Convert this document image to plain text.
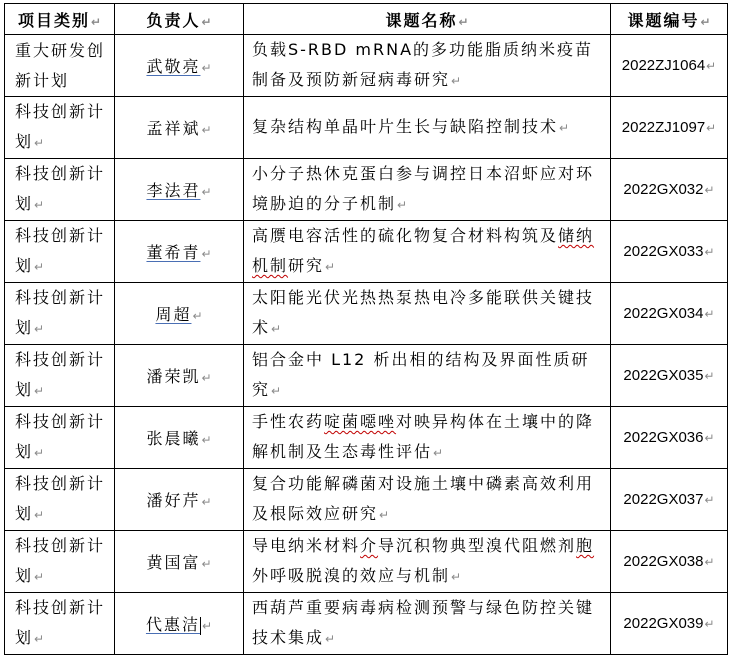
项目类别↵	负责人↵	课题名称↵	课题编号↵
重大研发创新计划	武敬亮↵	负载S-RBD mRNA的多功能脂质纳米疫苗制备及预防新冠病毒研究↵	2022ZJ1064↵
科技创新计划↵	孟祥斌↵	复杂结构单晶叶片生长与缺陷控制技术↵	2022ZJ1097↵
科技创新计划↵	李法君↵	小分子热休克蛋白参与调控日本沼虾应对环境胁迫的分子机制↵	2022GX032↵
科技创新计划↵	董希青↵	高赝电容活性的硫化物复合材料构筑及储纳机制研究↵	2022GX033↵
科技创新计划↵	周超↵	太阳能光伏光热热泵热电冷多能联供关键技术↵	2022GX034↵
科技创新计划↵	潘荣凯↵	铝合金中 L12 析出相的结构及界面性质研究↵	2022GX035↵
科技创新计划↵	张晨曦↵	手性农药啶菌噁唑对映异构体在土壤中的降解机制及生态毒性评估↵	2022GX036↵
科技创新计划↵	潘好芹↵	复合功能解磷菌对设施土壤中磷素高效利用及根际效应研究↵	2022GX037↵
科技创新计划↵	黄国富↵	导电纳米材料介导沉积物典型溴代阻燃剂胞外呼吸脱溴的效应与机制↵	2022GX038↵
科技创新计划↵	代惠洁 ↵	西葫芦重要病毒病检测预警与绿色防控关键技术集成↵	2022GX039↵
